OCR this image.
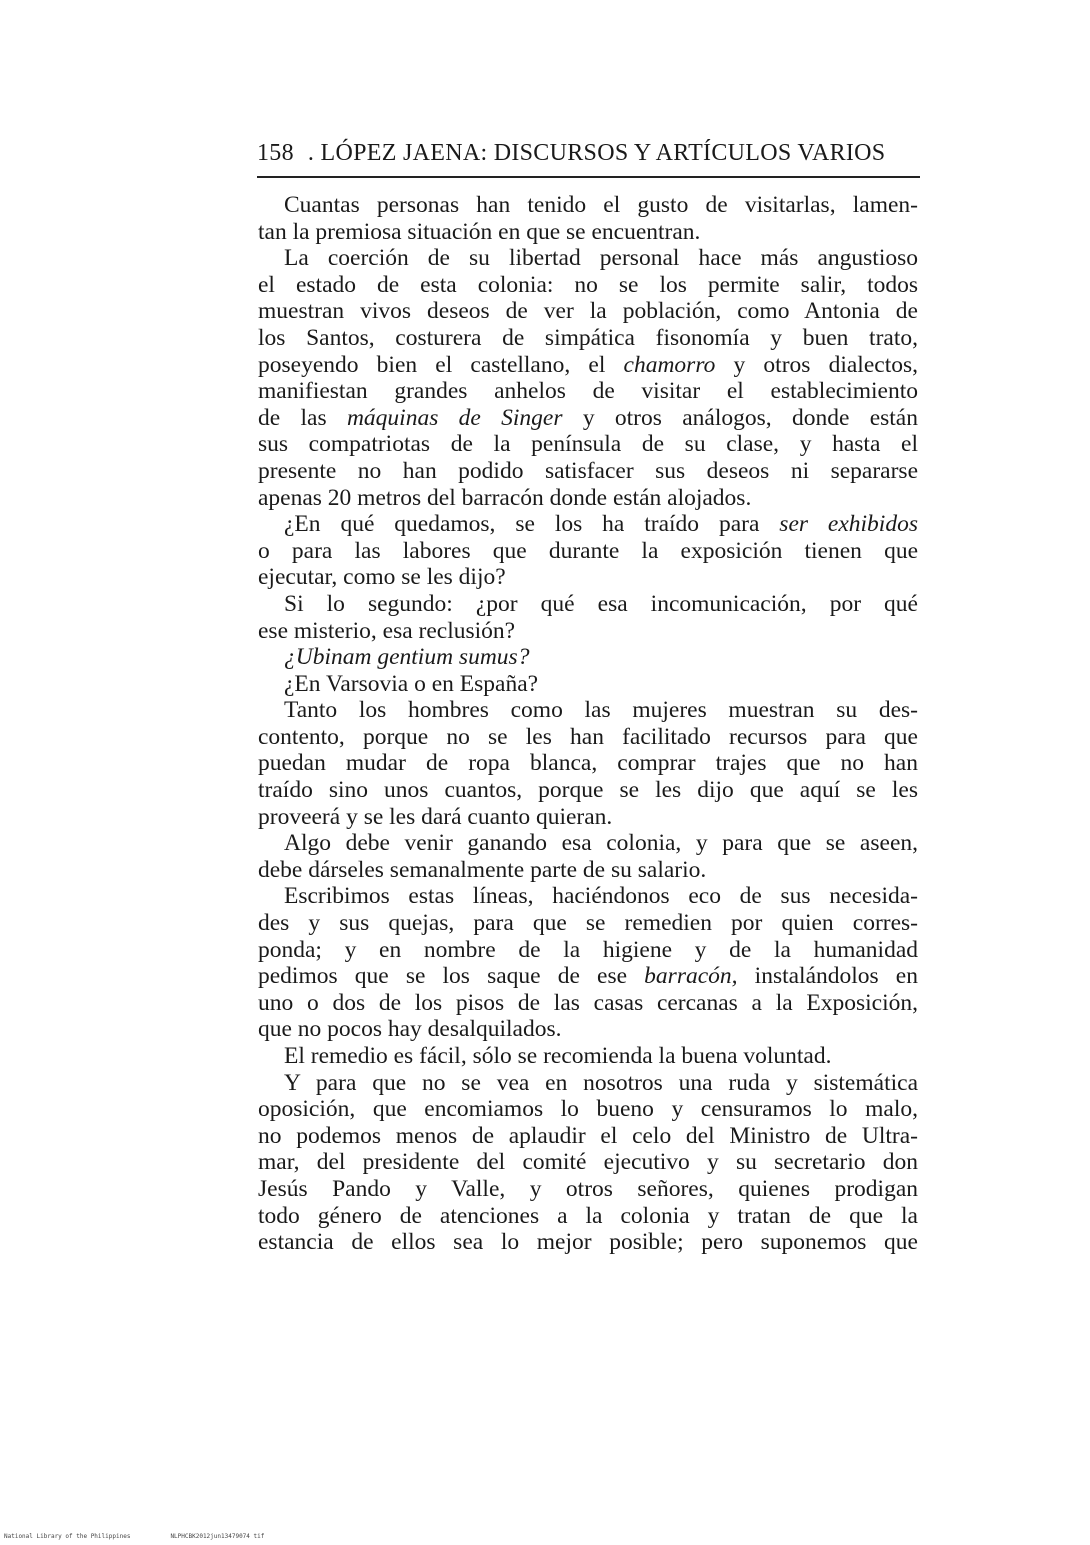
158 . LÓPEZ JAENA: DISCURSOS Y ARTÍCULOS VARIOS
Cuantas personas han tenido el gusto de visitarlas, lamen-
tan la premiosa situación en que se encuentran.
La coerción de su libertad personal hace más angustioso
el estado de esta colonia: no se los permite salir, todos
muestran vivos deseos de ver la población, como Antonia de
los Santos, costurera de simpática fisonomía y buen trato,
poseyendo bien el castellano, el chamorro y otros dialectos,
manifiestan grandes anhelos de visitar el establecimiento
de las máquinas de Singer y otros análogos, donde están
sus compatriotas de la península de su clase, y hasta el
presente no han podido satisfacer sus deseos ni separarse
apenas 20 metros del barracón donde están alojados.
¿En qué quedamos, se los ha traído para ser exhibidos
o para las labores que durante la exposición tienen que
ejecutar, como se les dijo?
Si lo segundo: ¿por qué esa incomunicación, por qué
ese misterio, esa reclusión?
¿Ubinam gentium sumus?
¿En Varsovia o en España?
Tanto los hombres como las mujeres muestran su des-
contento, porque no se les han facilitado recursos para que
puedan mudar de ropa blanca, comprar trajes que no han
traído sino unos cuantos, porque se les dijo que aquí se les
proveerá y se les dará cuanto quieran.
Algo debe venir ganando esa colonia, y para que se aseen,
debe dárseles semanalmente parte de su salario.
Escribimos estas líneas, haciéndonos eco de sus necesida-
des y sus quejas, para que se remedien por quien corres-
ponda; y en nombre de la higiene y de la humanidad
pedimos que se los saque de ese barracón, instalándolos en
uno o dos de los pisos de las casas cercanas a la Exposición,
que no pocos hay desalquilados.
El remedio es fácil, sólo se recomienda la buena voluntad.
Y para que no se vea en nosotros una ruda y sistemática
oposición, que encomiamos lo bueno y censuramos lo malo,
no podemos menos de aplaudir el celo del Ministro de Ultra-
mar, del presidente del comité ejecutivo y su secretario don
Jesús Pando y Valle, y otros señores, quienes prodigan
todo género de atenciones a la colonia y tratan de que la
estancia de ellos sea lo mejor posible; pero suponemos que
National Library of the Philippines	NLPHCBK2012jun13479074 tif
